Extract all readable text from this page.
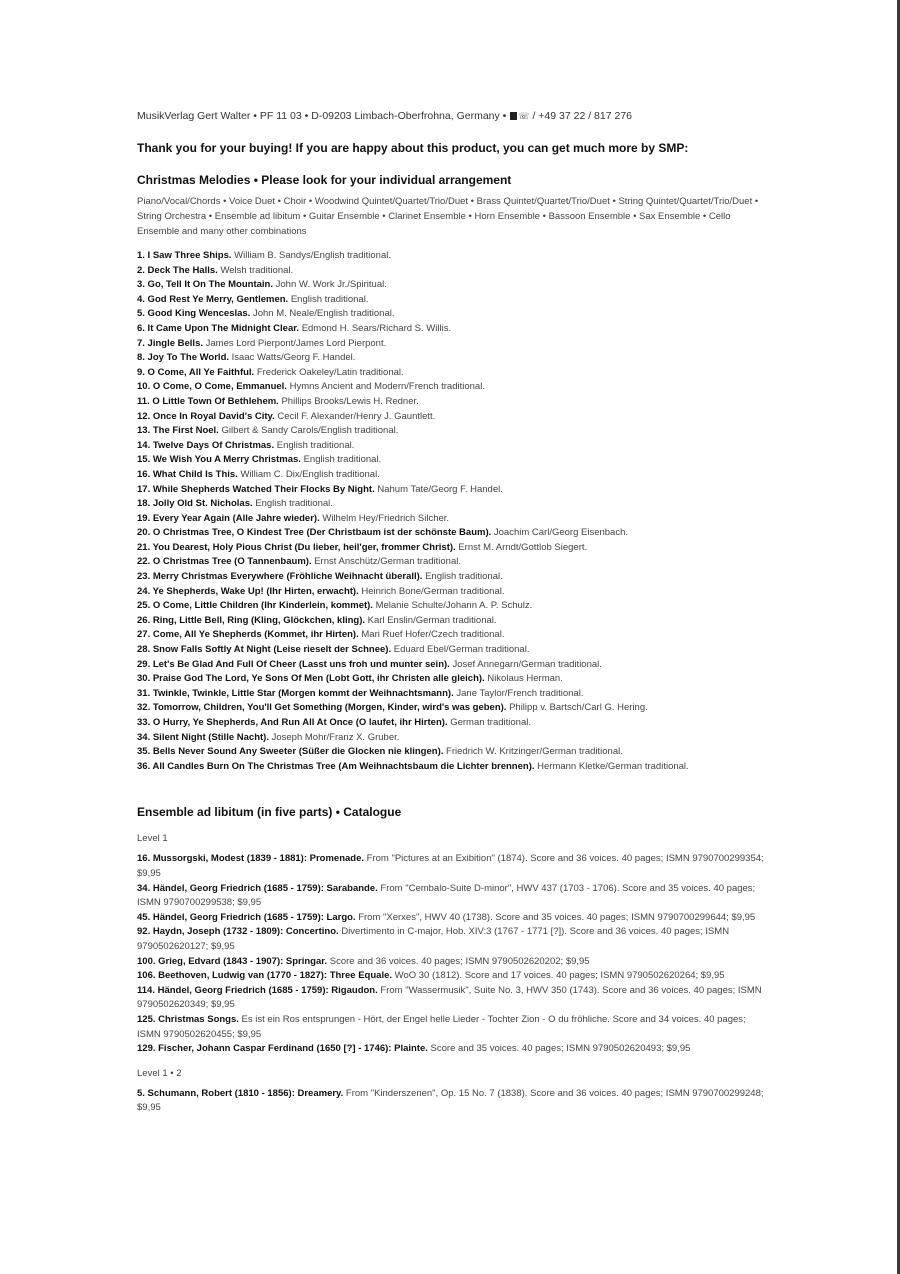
MusikVerlag Gert Walter • PF 11 03 • D-09203 Limbach-Oberfrohna, Germany • ☏ / +49 37 22 / 817 276
Thank you for your buying! If you are happy about this product, you can get much more by SMP:
Christmas Melodies • Please look for your individual arrangement
Piano/Vocal/Chords • Voice Duet • Choir • Woodwind Quintet/Quartet/Trio/Duet • Brass Quintet/Quartet/Trio/Duet • String Quintet/Quartet/Trio/Duet • String Orchestra • Ensemble ad libitum • Guitar Ensemble • Clarinet Ensemble • Horn Ensemble • Bassoon Ensemble • Sax Ensemble • Cello Ensemble and many other combinations
1. I Saw Three Ships. William B. Sandys/English traditional.
2. Deck The Halls. Welsh traditional.
3. Go, Tell It On The Mountain. John W. Work Jr./Spiritual.
4. God Rest Ye Merry, Gentlemen. English traditional.
5. Good King Wenceslas. John M. Neale/English traditional.
6. It Came Upon The Midnight Clear. Edmond H. Sears/Richard S. Willis.
7. Jingle Bells. James Lord Pierpont/James Lord Pierpont.
8. Joy To The World. Isaac Watts/Georg F. Handel.
9. O Come, All Ye Faithful. Frederick Oakeley/Latin traditional.
10. O Come, O Come, Emmanuel. Hymns Ancient and Modern/French traditional.
11. O Little Town Of Bethlehem. Phillips Brooks/Lewis H. Redner.
12. Once In Royal David's City. Cecil F. Alexander/Henry J. Gauntlett.
13. The First Noel. Gilbert & Sandy Carols/English traditional.
14. Twelve Days Of Christmas. English traditional.
15. We Wish You A Merry Christmas. English traditional.
16. What Child Is This. William C. Dix/English traditional.
17. While Shepherds Watched Their Flocks By Night. Nahum Tate/Georg F. Handel.
18. Jolly Old St. Nicholas. English traditional.
19. Every Year Again (Alle Jahre wieder). Wilhelm Hey/Friedrich Silcher.
20. O Christmas Tree, O Kindest Tree (Der Christbaum ist der schönste Baum). Joachim Carl/Georg Eisenbach.
21. You Dearest, Holy Pious Christ (Du lieber, heil'ger, frommer Christ). Ernst M. Arndt/Gottlob Siegert.
22. O Christmas Tree (O Tannenbaum). Ernst Anschütz/German traditional.
23. Merry Christmas Everywhere (Fröhliche Weihnacht überall). English traditional.
24. Ye Shepherds, Wake Up! (Ihr Hirten, erwacht). Heinrich Bone/German traditional.
25. O Come, Little Children (Ihr Kinderlein, kommet). Melanie Schulte/Johann A. P. Schulz.
26. Ring, Little Bell, Ring (Kling, Glöckchen, kling). Karl Enslin/German traditional.
27. Come, All Ye Shepherds (Kommet, ihr Hirten). Mari Ruef Hofer/Czech traditional.
28. Snow Falls Softly At Night (Leise rieselt der Schnee). Eduard Ebel/German traditional.
29. Let's Be Glad And Full Of Cheer (Lasst uns froh und munter sein). Josef Annegarn/German traditional.
30. Praise God The Lord, Ye Sons Of Men (Lobt Gott, ihr Christen alle gleich). Nikolaus Herman.
31. Twinkle, Twinkle, Little Star (Morgen kommt der Weihnachtsmann). Jane Taylor/French traditional.
32. Tomorrow, Children, You'll Get Something (Morgen, Kinder, wird's was geben). Philipp v. Bartsch/Carl G. Hering.
33. O Hurry, Ye Shepherds, And Run All At Once (O laufet, ihr Hirten). German traditional.
34. Silent Night (Stille Nacht). Joseph Mohr/Franz X. Gruber.
35. Bells Never Sound Any Sweeter (Süßer die Glocken nie klingen). Friedrich W. Kritzinger/German traditional.
36. All Candles Burn On The Christmas Tree (Am Weihnachtsbaum die Lichter brennen). Hermann Kletke/German traditional.
Ensemble ad libitum (in five parts) • Catalogue
Level 1
16. Mussorgski, Modest (1839 - 1881): Promenade. From "Pictures at an Exibition" (1874). Score and 36 voices. 40 pages; ISMN 9790700299354; $9,95
34. Händel, Georg Friedrich (1685 - 1759): Sarabande. From "Cembalo-Suite D-minor", HWV 437 (1703 - 1706). Score and 35 voices. 40 pages; ISMN 9790700299538; $9,95
45. Händel, Georg Friedrich (1685 - 1759): Largo. From "Xerxes", HWV 40 (1738). Score and 35 voices. 40 pages; ISMN 9790700299644; $9,95
92. Haydn, Joseph (1732 - 1809): Concertino. Divertimento in C-major, Hob. XIV:3 (1767 - 1771 [?]). Score and 36 voices. 40 pages; ISMN 9790502620127; $9,95
100. Grieg, Edvard (1843 - 1907): Springar. Score and 36 voices. 40 pages; ISMN 9790502620202; $9,95
106. Beethoven, Ludwig van (1770 - 1827): Three Equale. WoO 30 (1812). Score and 17 voices. 40 pages; ISMN 9790502620264; $9,95
114. Händel, Georg Friedrich (1685 - 1759): Rigaudon. From "Wassermusik", Suite No. 3, HWV 350 (1743). Score and 36 voices. 40 pages; ISMN 9790502620349; $9,95
125. Christmas Songs. Es ist ein Ros entsprungen - Hört, der Engel helle Lieder - Tochter Zion - O du fröhliche. Score and 34 voices. 40 pages; ISMN 9790502620455; $9,95
129. Fischer, Johann Caspar Ferdinand (1650 [?] - 1746): Plainte. Score and 35 voices. 40 pages; ISMN 9790502620493; $9,95
Level 1 • 2
5. Schumann, Robert (1810 - 1856): Dreamery. From "Kinderszenen", Op. 15 No. 7 (1838). Score and 36 voices. 40 pages; ISMN 9790700299248; $9,95
